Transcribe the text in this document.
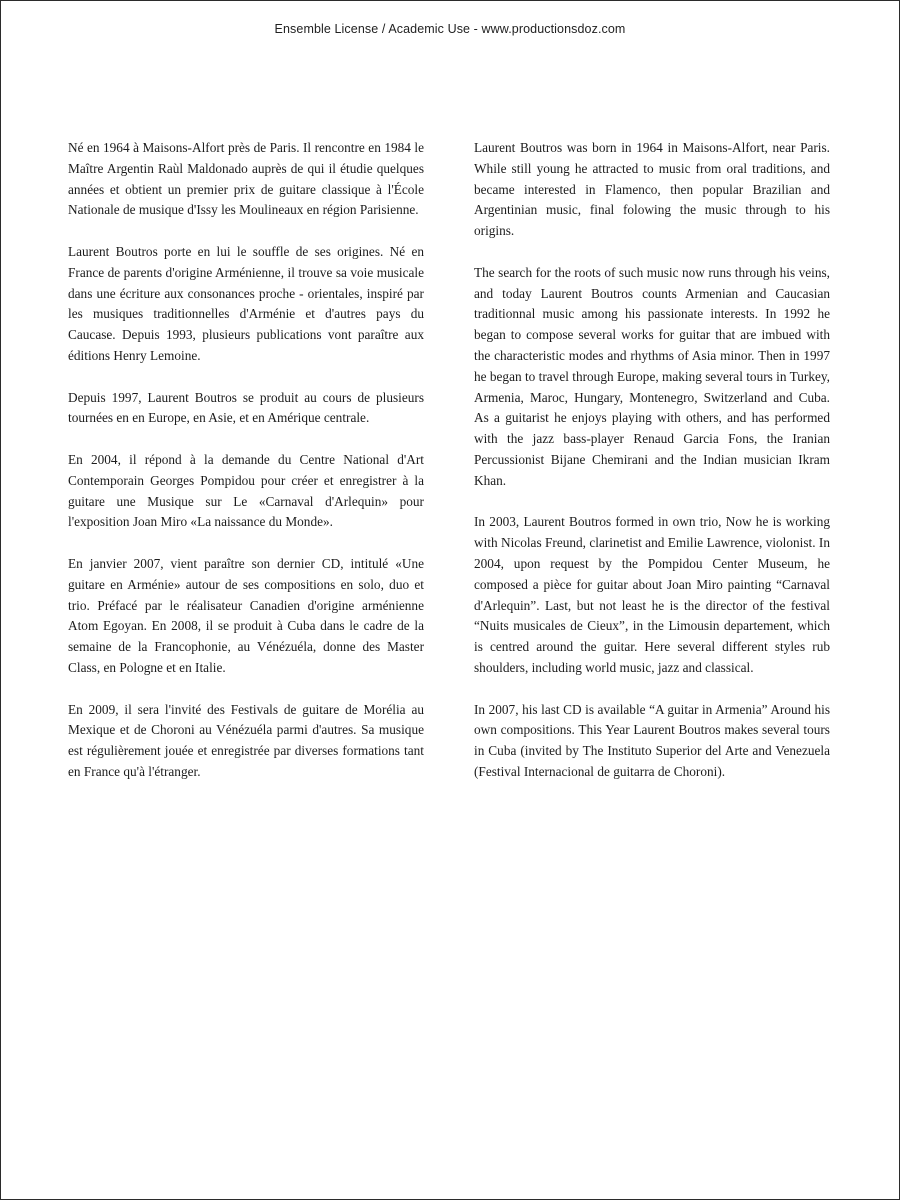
Ensemble License / Academic Use - www.productionsdoz.com

Né en 1964 à Maisons-Alfort près de Paris. Il rencontre en 1984 le Maître Argentin Raùl Maldonado auprès de qui il étudie quelques années et obtient un premier prix de guitare classique à l'École Nationale de musique d'Issy les Moulineaux en région Parisienne.

Laurent Boutros porte en lui le souffle de ses origines. Né en France de parents d'origine Arménienne, il trouve sa voie musicale dans une écriture aux consonances proche - orientales, inspiré par les musiques traditionnelles d'Arménie et d'autres pays du Caucase. Depuis 1993, plusieurs publications vont paraître aux éditions Henry Lemoine.

Depuis 1997, Laurent Boutros se produit au cours de plusieurs tournées en en Europe, en Asie, et en Amérique centrale.

En 2004, il répond à la demande du Centre National d'Art Contemporain Georges Pompidou pour créer et enregistrer à la guitare une Musique sur Le «Carnaval d'Arlequin» pour l'exposition Joan Miro «La naissance du Monde».

En janvier 2007, vient paraître son dernier CD, intitulé «Une guitare en Arménie» autour de ses compositions en solo, duo et trio. Préfacé par le réalisateur Canadien d'origine arménienne Atom Egoyan. En 2008, il se produit à Cuba dans le cadre de la semaine de la Francophonie, au Vénézuéla, donne des Master Class, en Pologne et en Italie.

En 2009, il sera l'invité des Festivals de guitare de Morélia au Mexique et de Choroni au Vénézuéla parmi d'autres. Sa musique est régulièrement jouée et enregistrée par diverses formations tant en France qu'à l'étranger.

Laurent Boutros was born in 1964 in Maisons-Alfort, near Paris. While still young he attracted to music from oral traditions, and became interested in Flamenco, then popular Brazilian and Argentinian music, final folowing the music through to his origins.

The search for the roots of such music now runs through his veins, and today Laurent Boutros counts Armenian and Caucasian traditionnal music among his passionate interests. In 1992 he began to compose several works for guitar that are imbued with the characteristic modes and rhythms of Asia minor. Then in 1997 he began to travel through Europe, making several tours in Turkey, Armenia, Maroc, Hungary, Montenegro, Switzerland and Cuba. As a guitarist he enjoys playing with others, and has performed with the jazz bass-player Renaud Garcia Fons, the Iranian Percussionist Bijane Chemirani and the Indian musician Ikram Khan.

In 2003, Laurent Boutros formed in own trio, Now he is working with Nicolas Freund, clarinetist and Emilie Lawrence, violonist. In 2004, upon request by the Pompidou Center Museum, he composed a pièce for guitar about Joan Miro painting “Carnaval d'Arlequin”. Last, but not least he is the director of the festival “Nuits musicales de Cieux”, in the Limousin departement, which is centred around the guitar. Here several different styles rub shoulders, including world music, jazz and classical.

In 2007, his last CD is available “A guitar in Armenia” Around his own compositions. This Year Laurent Boutros makes several tours in Cuba (invited by The Instituto Superior del Arte and Venezuela (Festival Internacional de guitarra de Choroni).
